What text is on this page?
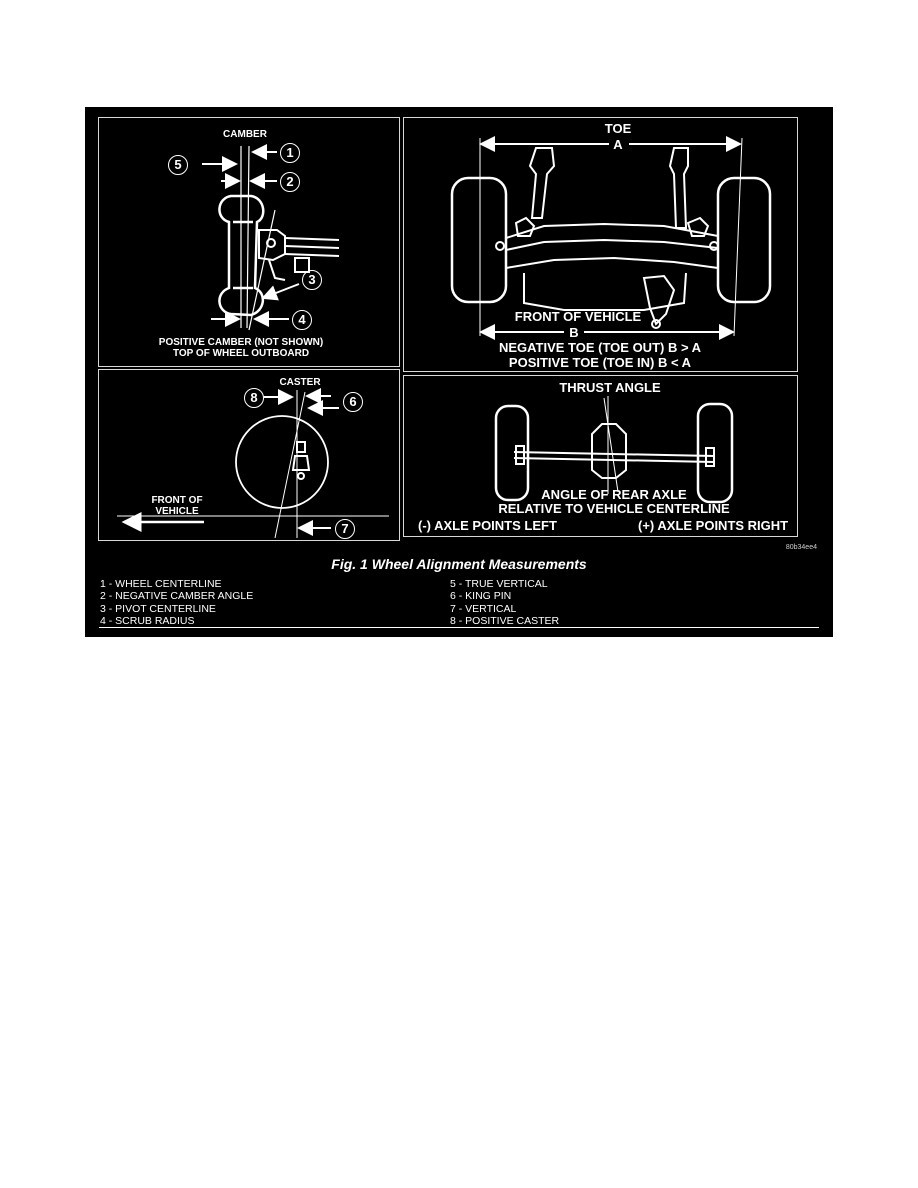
CAMBER
1
5
2
3
4
POSITIVE CAMBER (NOT SHOWN)
TOP OF WHEEL OUTBOARD
TOE
A
B
FRONT OF VEHICLE
NEGATIVE TOE (TOE OUT) B > A
POSITIVE TOE (TOE IN) B < A
CASTER
8	6
7
FRONT OF
VEHICLE
THRUST ANGLE
ANGLE OF REAR AXLE
RELATIVE TO VEHICLE CENTERLINE
(-) AXLE POINTS LEFT	(+) AXLE POINTS RIGHT
80b34ee4
Fig. 1 Wheel Alignment Measurements
1 - WHEEL CENTERLINE
2 - NEGATIVE CAMBER ANGLE
3 - PIVOT CENTERLINE
4 - SCRUB RADIUS
5 - TRUE VERTICAL
6 - KING PIN
7 - VERTICAL
8 - POSITIVE CASTER
